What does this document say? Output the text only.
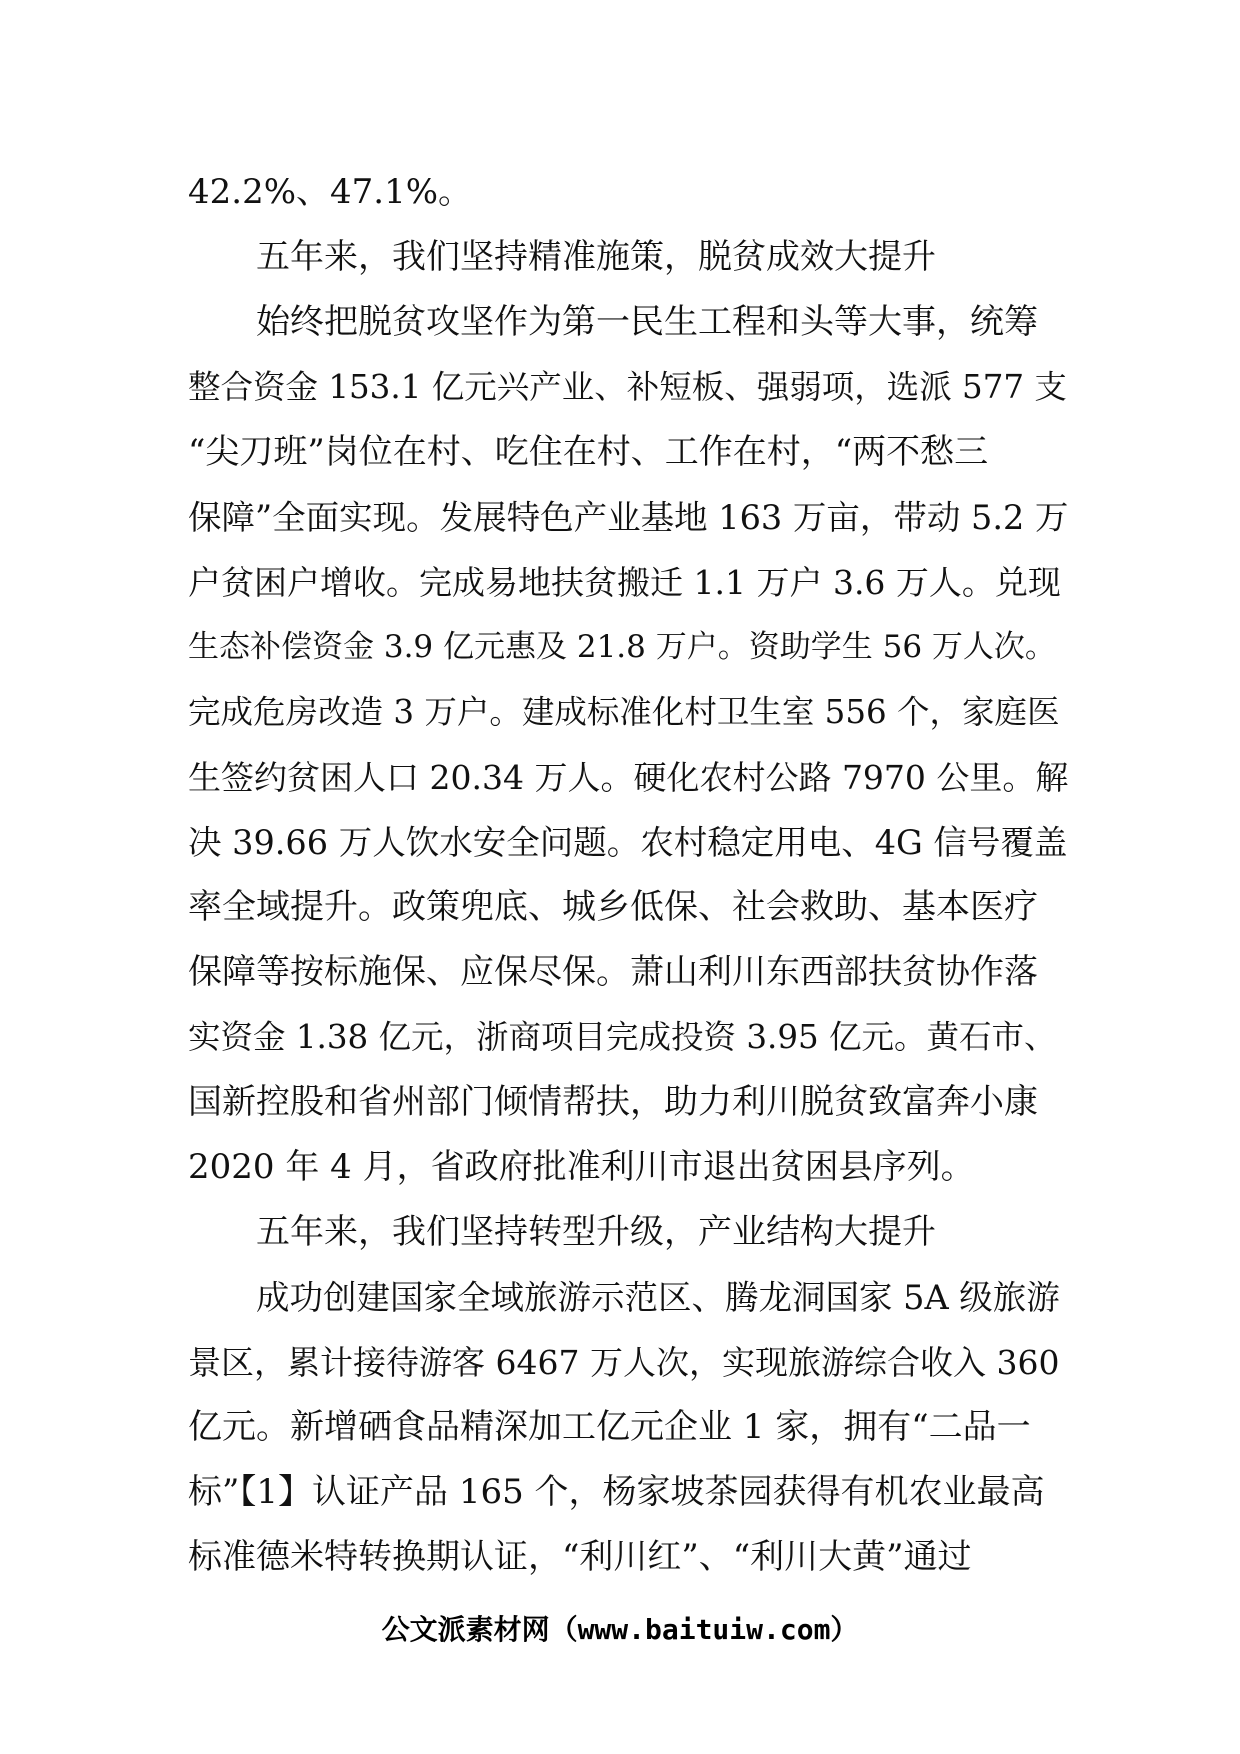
42.2%、47.1%。
五年来，我们坚持精准施策，脱贫成效大提升
始终把脱贫攻坚作为第一民生工程和头等大事，统筹
整合资金 153.1 亿元兴产业、补短板、强弱项，选派 577 支
“尖刀班”岗位在村、吃住在村、工作在村，“两不愁三
保障”全面实现。发展特色产业基地 163 万亩，带动 5.2 万
户贫困户增收。完成易地扶贫搬迁 1.1 万户 3.6 万人。兑现
生态补偿资金 3.9 亿元惠及 21.8 万户。资助学生 56 万人次。
完成危房改造 3 万户。建成标准化村卫生室 556 个，家庭医
生签约贫困人口 20.34 万人。硬化农村公路 7970 公里。解
决 39.66 万人饮水安全问题。农村稳定用电、4G 信号覆盖
率全域提升。政策兜底、城乡低保、社会救助、基本医疗
保障等按标施保、应保尽保。萧山利川东西部扶贫协作落
实资金 1.38 亿元，浙商项目完成投资 3.95 亿元。黄石市、
国新控股和省州部门倾情帮扶，助力利川脱贫致富奔小康
2020 年 4 月，省政府批准利川市退出贫困县序列。
五年来，我们坚持转型升级，产业结构大提升
成功创建国家全域旅游示范区、腾龙洞国家 5A 级旅游
景区，累计接待游客 6467 万人次，实现旅游综合收入 360
亿元。新增硒食品精深加工亿元企业 1 家，拥有“二品一
标”【1】认证产品 165 个，杨家坡茶园获得有机农业最高
标准德米特转换期认证，“利川红”、“利川大黄”通过
公文派素材网（www.baituiw.com）
